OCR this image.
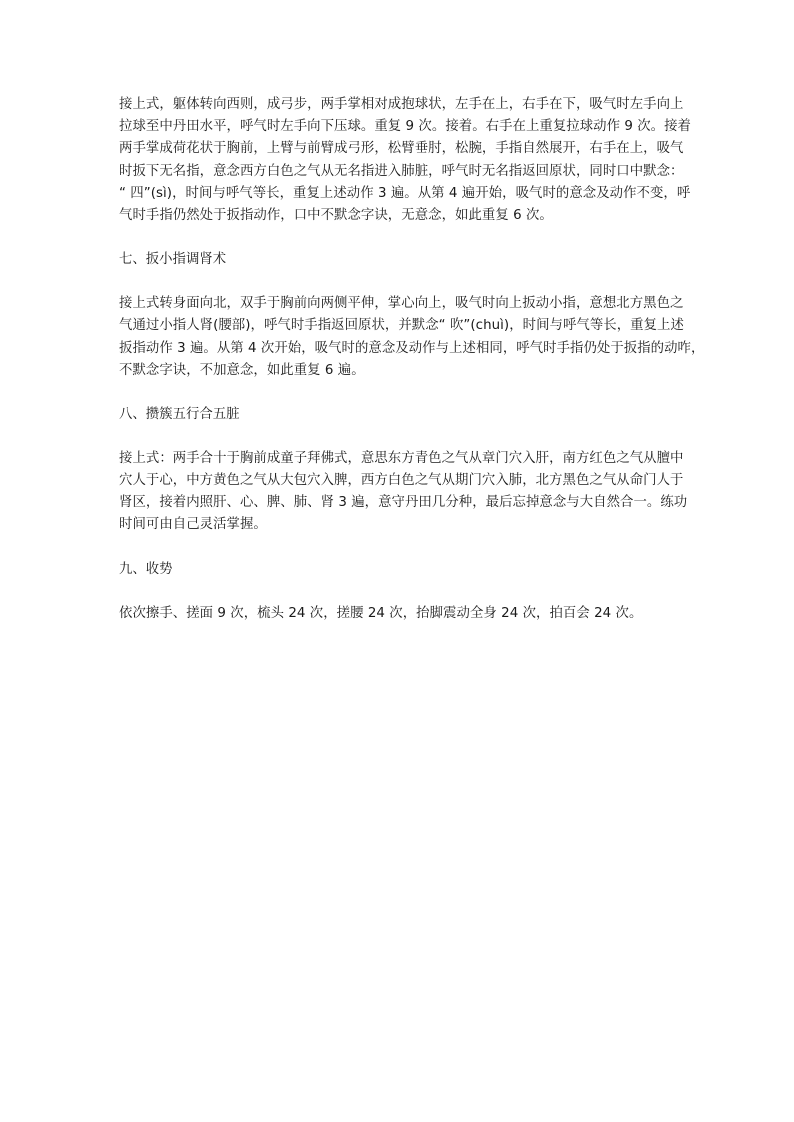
接上式，躯体转向西则，成弓步，两手掌相对成抱球状，左手在上，右手在下，吸气时左手向上
拉球至中丹田水平，呼气时左手向下压球。重复 9 次。接着。右手在上重复拉球动作 9 次。接着
两手掌成荷花状于胸前，上臂与前臂成弓形，松臂垂肘，松腕，手指自然展开，右手在上，吸气
时扳下无名指，意念西方白色之气从无名指进入肺脏，呼气时无名指返回原状，同时口中默念：
“ 四”(sì)，时间与呼气等长，重复上述动作 3 遍。从第 4 遍开始，吸气时的意念及动作不变，呼
气时手指仍然处于扳指动作，口中不默念字诀，无意念，如此重复 6 次。

七、扳小指调肾术

接上式转身面向北，双手于胸前向两侧平伸，掌心向上，吸气时向上扳动小指，意想北方黑色之
气通过小指人肾(腰部)，呼气时手指返回原状，并默念“ 吹”(chuì)，时间与呼气等长，重复上述
扳指动作 3 遍。从第 4 次开始，吸气时的意念及动作与上述相同，呼气时手指仍处于扳指的动咋，
不默念字诀，不加意念，如此重复 6 遍。

八、攒簇五行合五脏

接上式：两手合十于胸前成童子拜佛式，意思东方青色之气从章门穴入肝，南方红色之气从膻中
穴人于心，中方黄色之气从大包穴入脾，西方白色之气从期门穴入肺，北方黑色之气从命门人于
肾区，接着内照肝、心、脾、肺、肾 3 遍，意守丹田几分种，最后忘掉意念与大自然合一。练功
时间可由自己灵活掌握。

九、收势

依次擦手、搓面 9 次，梳头 24 次，搓腰 24 次，抬脚震动全身 24 次，拍百会 24 次。
